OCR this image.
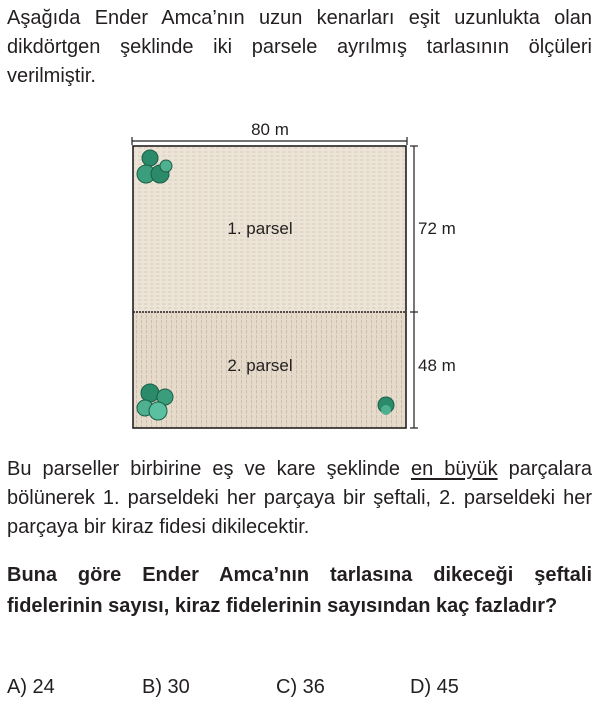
Aşağıda Ender Amca’nın uzun kenarları eşit uzunlukta olan dikdörtgen şeklinde iki parsele ayrılmış tarlasının ölçüleri verilmiştir.
80 m
1. parsel
2. parsel
72 m
48 m
Bu parseller birbirine eş ve kare şeklinde en büyük parçalara bölünerek 1. parseldeki her parçaya bir şeftali, 2. parseldeki her parçaya bir kiraz fidesi dikilecektir.
Buna göre Ender Amca’nın tarlasına dikeceği şeftali fidelerinin sayısı, kiraz fidelerinin sayısından kaç fazladır?
A) 24	B) 30	C) 36	D) 45
